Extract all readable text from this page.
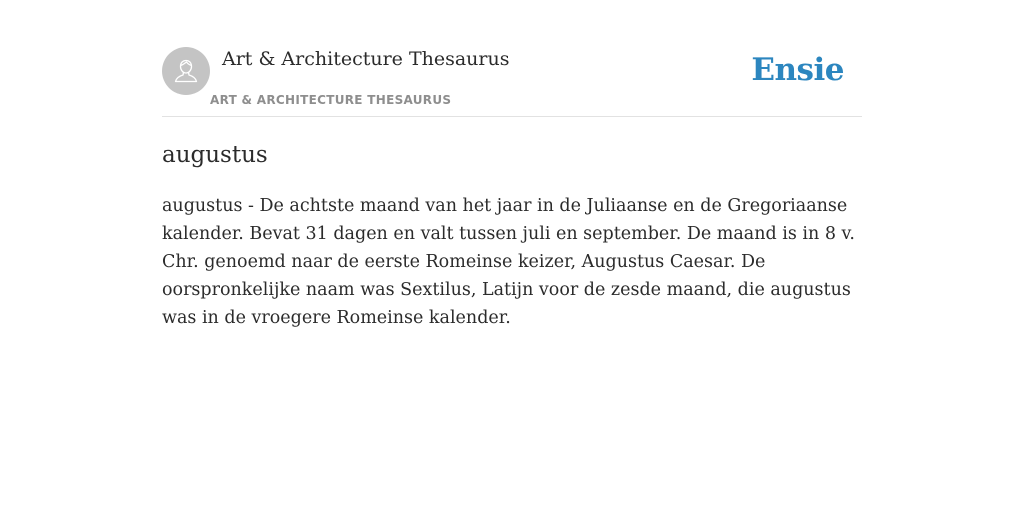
Art & Architecture Thesaurus
ART & ARCHITECTURE THESAURUS
Ensie
augustus

augustus - De achtste maand van het jaar in de Juliaanse en de Gregoriaanse kalender. Bevat 31 dagen en valt tussen juli en september. De maand is in 8 v. Chr. genoemd naar de eerste Romeinse keizer, Augustus Caesar. De oorspronkelijke naam was Sextilus, Latijn voor de zesde maand, die augustus was in de vroegere Romeinse kalender.
